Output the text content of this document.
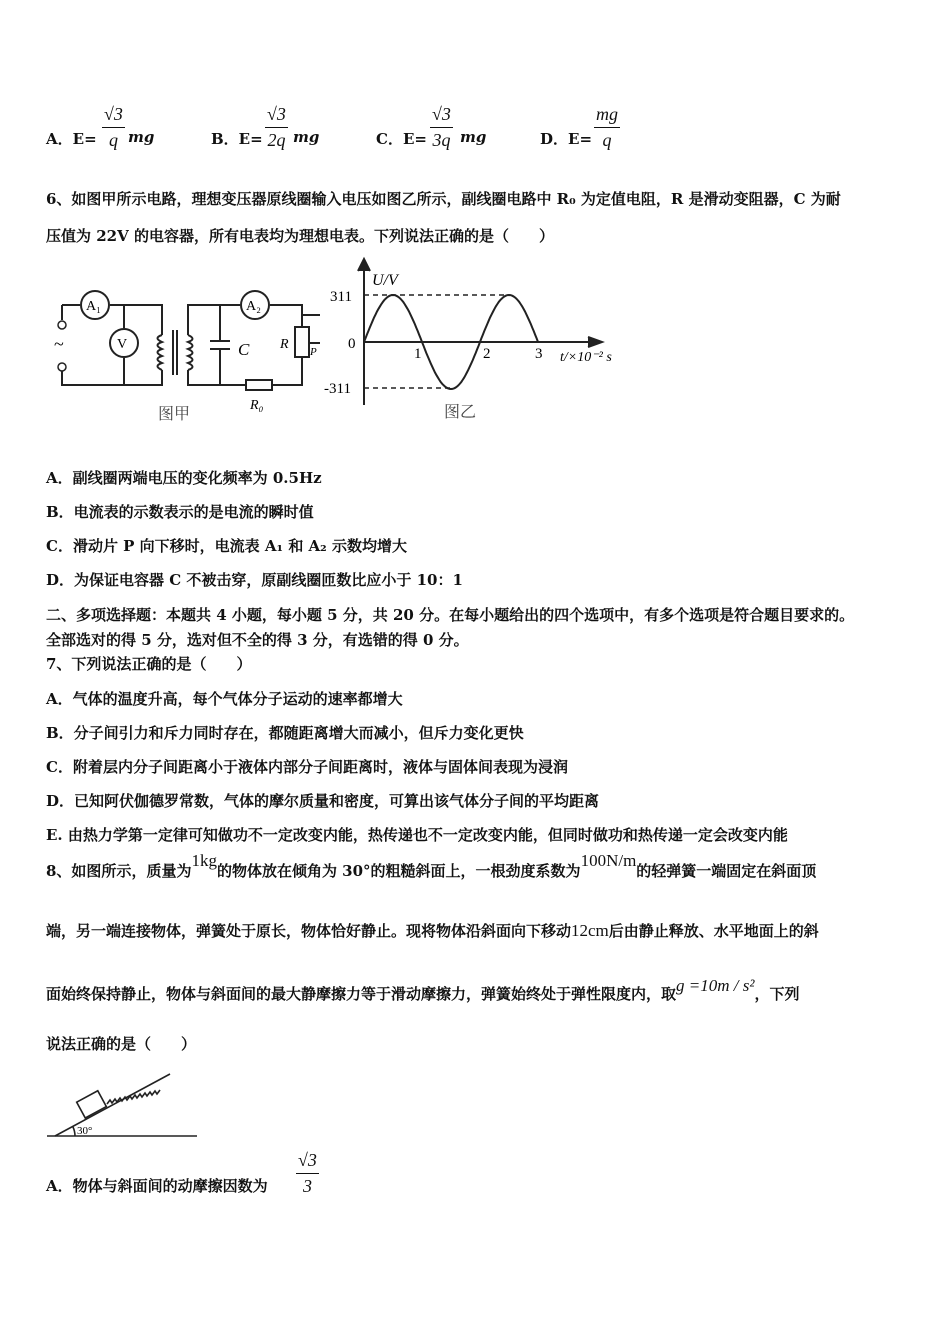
A．E=
√3
q mg	B．E=
√3
2q mg	C．E=
√3
3q mg	D．E=
mg
q
6、如图甲所示电路，理想变压器原线圈输入电压如图乙所示，副线圈电路中 R₀ 为定值电阻，R 是滑动变阻器，C 为耐
压值为 22V 的电容器，所有电表均为理想电表。下列说法正确的是（　　）
~
A₁
V
A₂
C R P
R₀
图甲
U/V
311
0
-311
1	2	3 t/×10⁻² s
图乙
A．副线圈两端电压的变化频率为 0.5Hz
B．电流表的示数表示的是电流的瞬时值
C．滑动片 P 向下移时，电流表 A₁ 和 A₂ 示数均增大
D．为保证电容器 C 不被击穿，原副线圈匝数比应小于 10：1
二、多项选择题：本题共 4 小题，每小题 5 分，共 20 分。在每小题给出的四个选项中，有多个选项是符合题目要求的。
全部选对的得 5 分，选对但不全的得 3 分，有选错的得 0 分。
7、下列说法正确的是（　　）
A．气体的温度升高，每个气体分子运动的速率都增大
B．分子间引力和斥力同时存在，都随距离增大而减小，但斥力变化更快
C．附着层内分子间距离小于液体内部分子间距离时，液体与固体间表现为浸润
D．已知阿伏伽德罗常数，气体的摩尔质量和密度，可算出该气体分子间的平均距离
E. 由热力学第一定律可知做功不一定改变内能，热传递也不一定改变内能，但同时做功和热传递一定会改变内能
8、如图所示，质量为1kg的物体放在倾角为 30°的粗糙斜面上，一根劲度系数为100N/m的轻弹簧一端固定在斜面顶
端，另一端连接物体，弹簧处于原长，物体恰好静止。现将物体沿斜面向下移动12cm后由静止释放、水平地面上的斜
面始终保持静止，物体与斜面间的最大静摩擦力等于滑动摩擦力，弹簧始终处于弹性限度内，取g =10m / s²，下列
说法正确的是（　　）
30°
A．物体与斜面间的动摩擦因数为
√3
3
